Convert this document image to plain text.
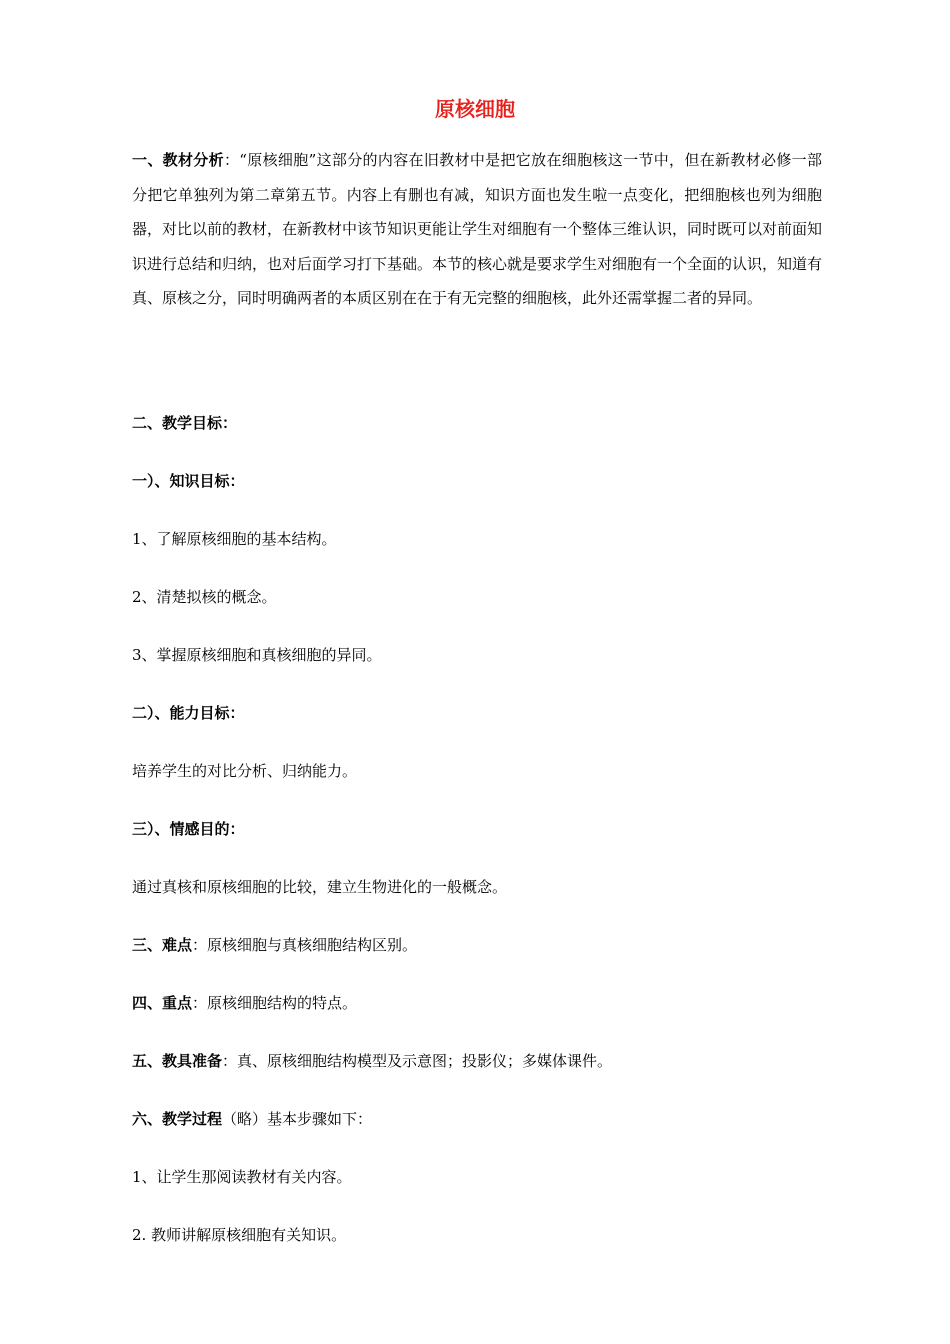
原核细胞
一、教材分析：“原核细胞”这部分的内容在旧教材中是把它放在细胞核这一节中，但在新教材必修一部分把它单独列为第二章第五节。内容上有删也有减，知识方面也发生啦一点变化，把细胞核也列为细胞器，对比以前的教材，在新教材中该节知识更能让学生对细胞有一个整体三维认识，同时既可以对前面知识进行总结和归纳，也对后面学习打下基础。本节的核心就是要求学生对细胞有一个全面的认识，知道有真、原核之分，同时明确两者的本质区别在在于有无完整的细胞核，此外还需掌握二者的异同。
二、教学目标：
一）、知识目标：
1、了解原核细胞的基本结构。
2、清楚拟核的概念。
3、掌握原核细胞和真核细胞的异同。
二）、能力目标：
培养学生的对比分析、归纳能力。
三）、情感目的：
通过真核和原核细胞的比较，建立生物进化的一般概念。
三、难点：原核细胞与真核细胞结构区别。
四、重点：原核细胞结构的特点。
五、教具准备：真、原核细胞结构模型及示意图；投影仪；多媒体课件。
六、教学过程（略）基本步骤如下：
1、让学生那阅读教材有关内容。
2. 教师讲解原核细胞有关知识。
